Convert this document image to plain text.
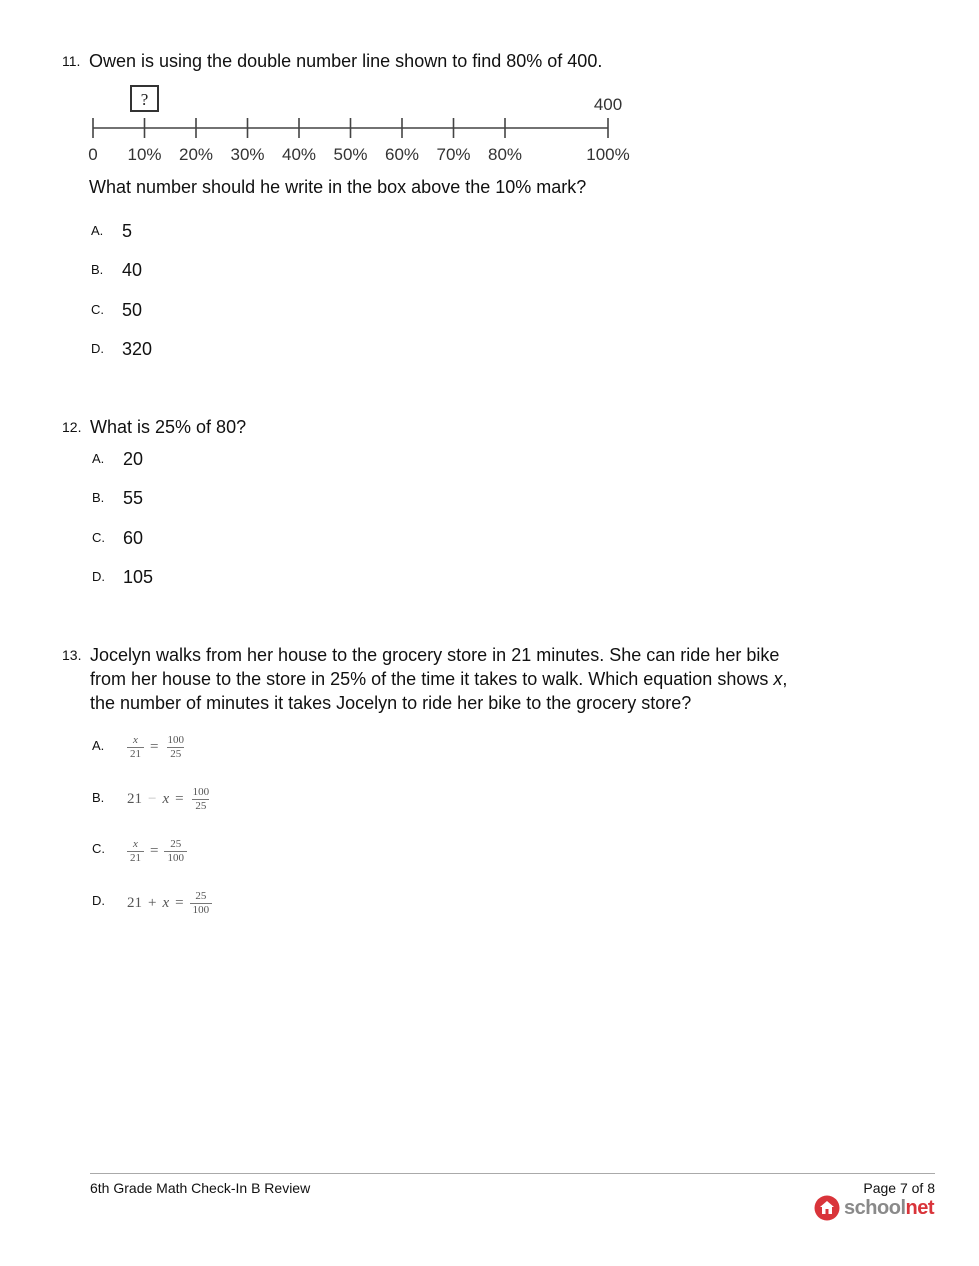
11. Owen is using the double number line shown to find 80% of 400.
?	400
0 10% 20% 30% 40% 50% 60% 70% 80%	100%
What number should he write in the box above the 10% mark?
A. 5
B. 40
C. 50
D. 320
12. What is 25% of 80?
A. 20
B. 55
C. 60
D. 105
13. Jocelyn walks from her house to the grocery store in 21 minutes. She can ride her bike
from her house to the store in 25% of the time it takes to walk. Which equation shows x,
the number of minutes it takes Jocelyn to ride her bike to the grocery store?
A. $\frac{x}{21} = \frac{100}{25}$
B. $21 - x = \frac{100}{25}$
C. $\frac{x}{21} = \frac{25}{100}$
D. $21 + x = \frac{25}{100}$
6th Grade Math Check-In B Review	Page 7 of 8
schoolnet
